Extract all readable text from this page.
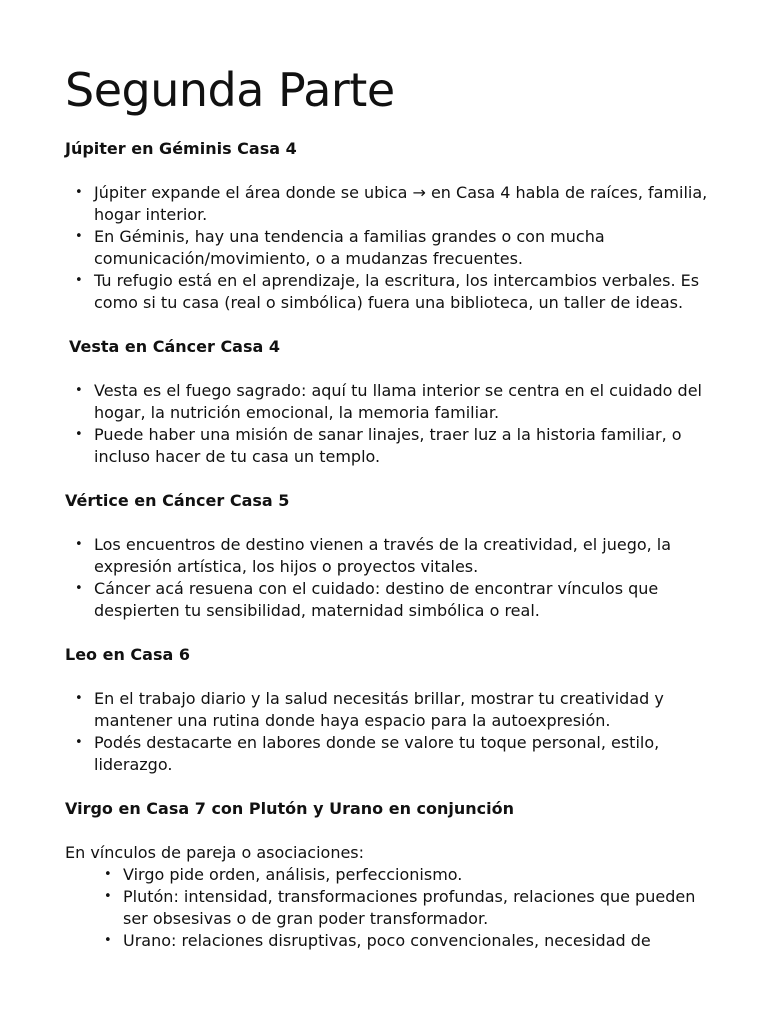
Segunda Parte
Júpiter en Géminis Casa 4
• Júpiter expande el área donde se ubica → en Casa 4 habla de raíces, familia, hogar interior.
• En Géminis, hay una tendencia a familias grandes o con mucha comunicación/movimiento, o a mudanzas frecuentes.
• Tu refugio está en el aprendizaje, la escritura, los intercambios verbales. Es como si tu casa (real o simbólica) fuera una biblioteca, un taller de ideas.
Vesta en Cáncer Casa 4
• Vesta es el fuego sagrado: aquí tu llama interior se centra en el cuidado del hogar, la nutrición emocional, la memoria familiar.
• Puede haber una misión de sanar linajes, traer luz a la historia familiar, o incluso hacer de tu casa un templo.
Vértice en Cáncer Casa 5
• Los encuentros de destino vienen a través de la creatividad, el juego, la expresión artística, los hijos o proyectos vitales.
• Cáncer acá resuena con el cuidado: destino de encontrar vínculos que despierten tu sensibilidad, maternidad simbólica o real.
Leo en Casa 6
• En el trabajo diario y la salud necesitás brillar, mostrar tu creatividad y mantener una rutina donde haya espacio para la autoexpresión.
• Podés destacarte en labores donde se valore tu toque personal, estilo, liderazgo.
Virgo en Casa 7 con Plutón y Urano en conjunción

En vínculos de pareja o asociaciones:

• Virgo pide orden, análisis, perfeccionismo.
• Plutón: intensidad, transformaciones profundas, relaciones que pueden ser obsesivas o de gran poder transformador.
• Urano: relaciones disruptivas, poco convencionales, necesidad de
